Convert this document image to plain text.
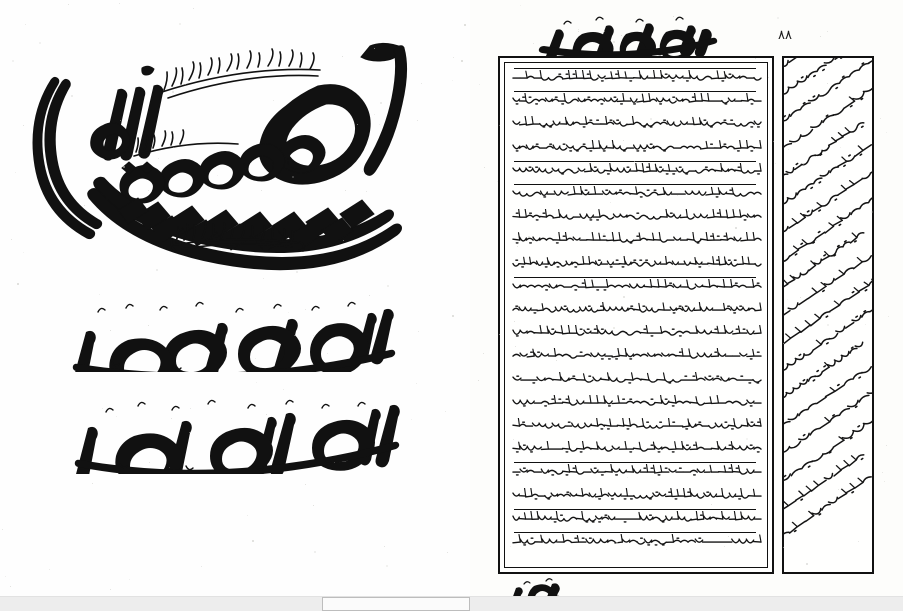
٨٨
